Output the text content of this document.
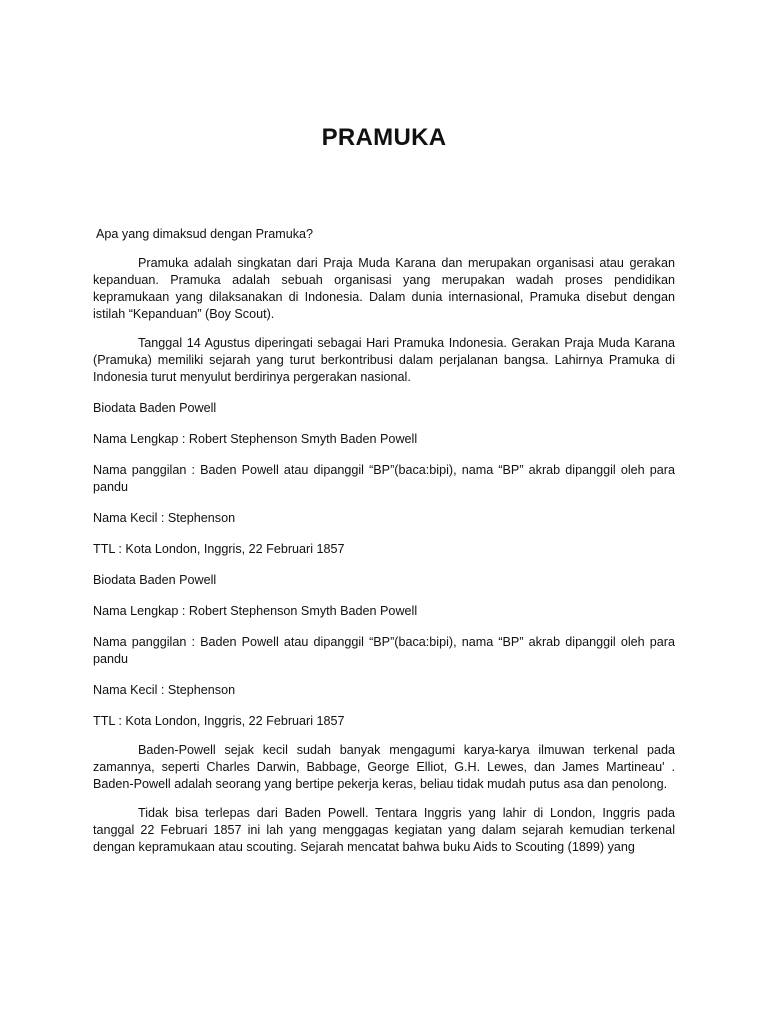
PRAMUKA

Apa yang dimaksud dengan Pramuka?

Pramuka adalah singkatan dari Praja Muda Karana dan merupakan organisasi atau gerakan kepanduan. Pramuka adalah sebuah organisasi yang merupakan wadah proses pendidikan kepramukaan yang dilaksanakan di Indonesia. Dalam dunia internasional, Pramuka disebut dengan istilah “Kepanduan” (Boy Scout).

Tanggal 14 Agustus diperingati sebagai Hari Pramuka Indonesia. Gerakan Praja Muda Karana (Pramuka) memiliki sejarah yang turut berkontribusi dalam perjalanan bangsa. Lahirnya Pramuka di Indonesia turut menyulut berdirinya pergerakan nasional.

Biodata Baden Powell

Nama Lengkap : Robert Stephenson Smyth Baden Powell

Nama panggilan : Baden Powell atau dipanggil “BP”(baca:bipi), nama “BP” akrab dipanggil oleh para pandu

Nama Kecil : Stephenson

TTL : Kota London, Inggris, 22 Februari 1857

Biodata Baden Powell

Nama Lengkap : Robert Stephenson Smyth Baden Powell

Nama panggilan : Baden Powell atau dipanggil “BP”(baca:bipi), nama “BP” akrab dipanggil oleh para pandu

Nama Kecil : Stephenson

TTL : Kota London, Inggris, 22 Februari 1857

Baden-Powell sejak kecil sudah banyak mengagumi karya-karya ilmuwan terkenal pada zamannya, seperti Charles Darwin, Babbage, George Elliot, G.H. Lewes, dan James Martineau' . Baden-Powell adalah seorang yang bertipe pekerja keras, beliau tidak mudah putus asa dan penolong.

Tidak bisa terlepas dari Baden Powell. Tentara Inggris yang lahir di London, Inggris pada tanggal 22 Februari 1857 ini lah yang menggagas kegiatan yang dalam sejarah kemudian terkenal dengan kepramukaan atau scouting. Sejarah mencatat bahwa buku Aids to Scouting (1899) yang
